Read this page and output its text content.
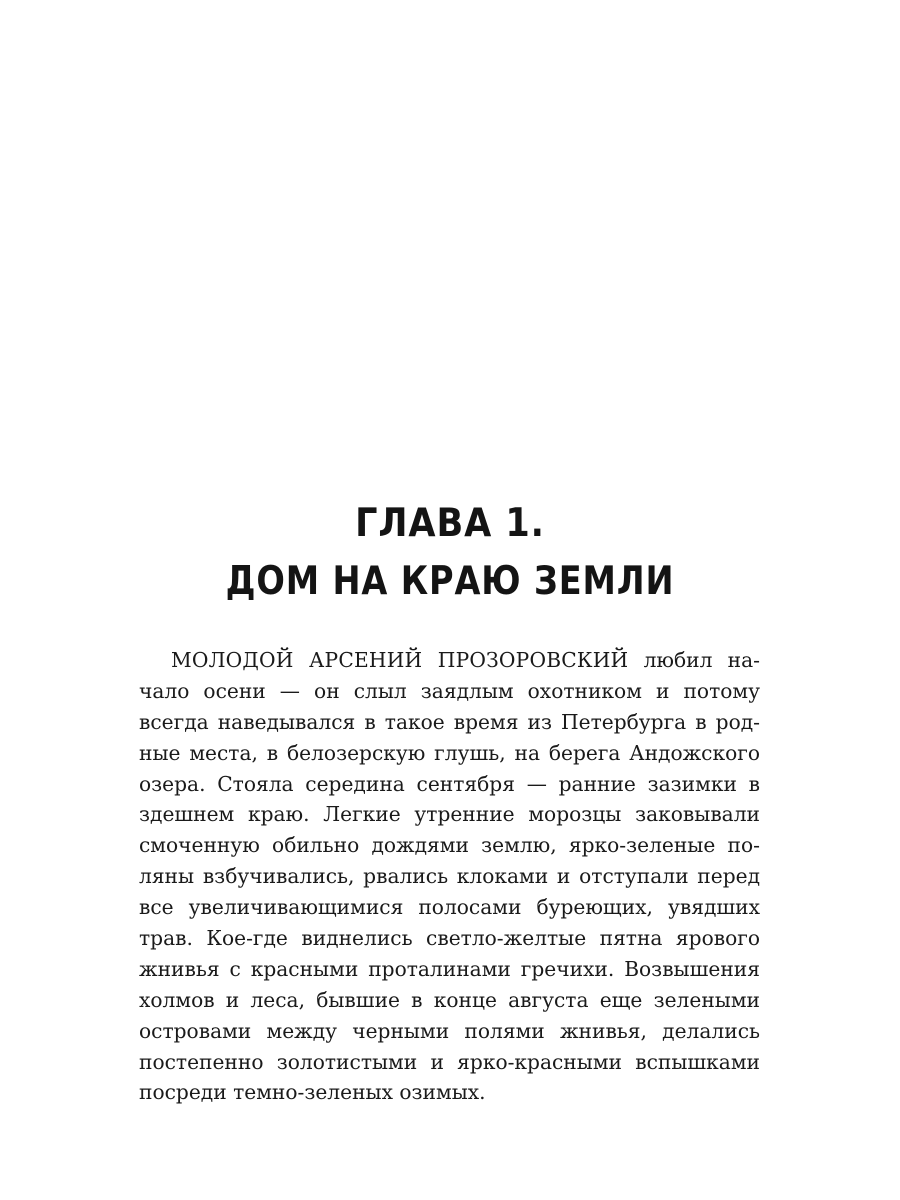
ГЛАВА 1.
ДОМ НА КРАЮ ЗЕМЛИ
МОЛОДОЙ АРСЕНИЙ ПРОЗОРОВСКИЙ любил на-
чало осени — он слыл заядлым охотником и потому
всегда наведывался в такое время из Петербурга в род-
ные места, в белозерскую глушь, на берега Андожского
озера. Стояла середина сентября — ранние зазимки в
здешнем краю. Легкие утренние морозцы заковывали
смоченную обильно дождями землю, ярко-зеленые по-
ляны взбучивались, рвались клоками и отступали перед
все увеличивающимися полосами буреющих, увядших
трав. Кое-где виднелись светло-желтые пятна ярового
жнивья с красными проталинами гречихи. Возвышения
холмов и леса, бывшие в конце августа еще зелеными
островами между черными полями жнивья, делались
постепенно золотистыми и ярко-красными вспышками
посреди темно-зеленых озимых.
